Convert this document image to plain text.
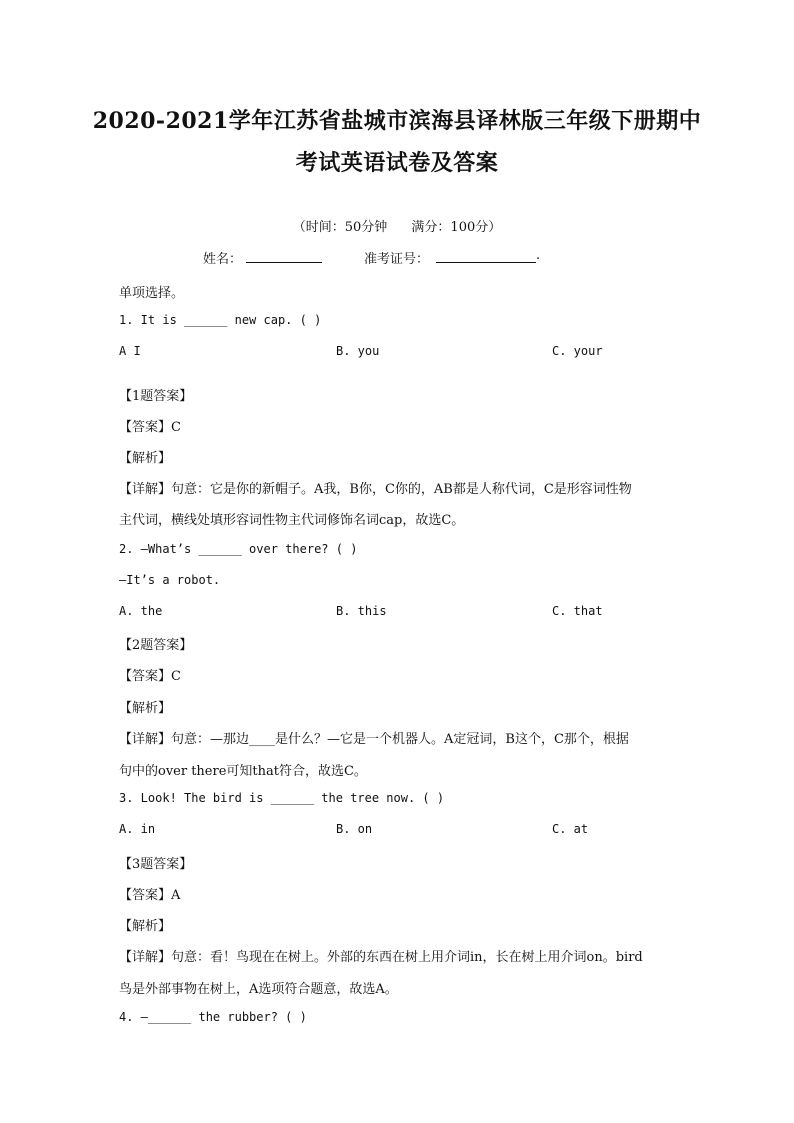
2020-2021学年江苏省盐城市滨海县译林版三年级下册期中
考试英语试卷及答案
（时间：50分钟 满分：100分）
姓名：	准考证号：	.
单项选择。
1. It is ______ new cap. ( )
A I	B. you	C. your
【1题答案】
【答案】C
【解析】
【详解】句意：它是你的新帽子。A我，B你，C你的，AB都是人称代词，C是形容词性物
主代词，横线处填形容词性物主代词修饰名词cap，故选C。
2. —What’s ______ over there? ( )
—It’s a robot.
A. the	B. this	C. that
【2题答案】
【答案】C
【解析】
【详解】句意：—那边____是什么？—它是一个机器人。A定冠词，B这个，C那个，根据
句中的over there可知that符合，故选C。
3. Look! The bird is ______ the tree now. ( )
A. in	B. on	C. at
【3题答案】
【答案】A
【解析】
【详解】句意：看！鸟现在在树上。外部的东西在树上用介词in，长在树上用介词on。bird
鸟是外部事物在树上，A选项符合题意，故选A。
4. —______ the rubber? ( )
